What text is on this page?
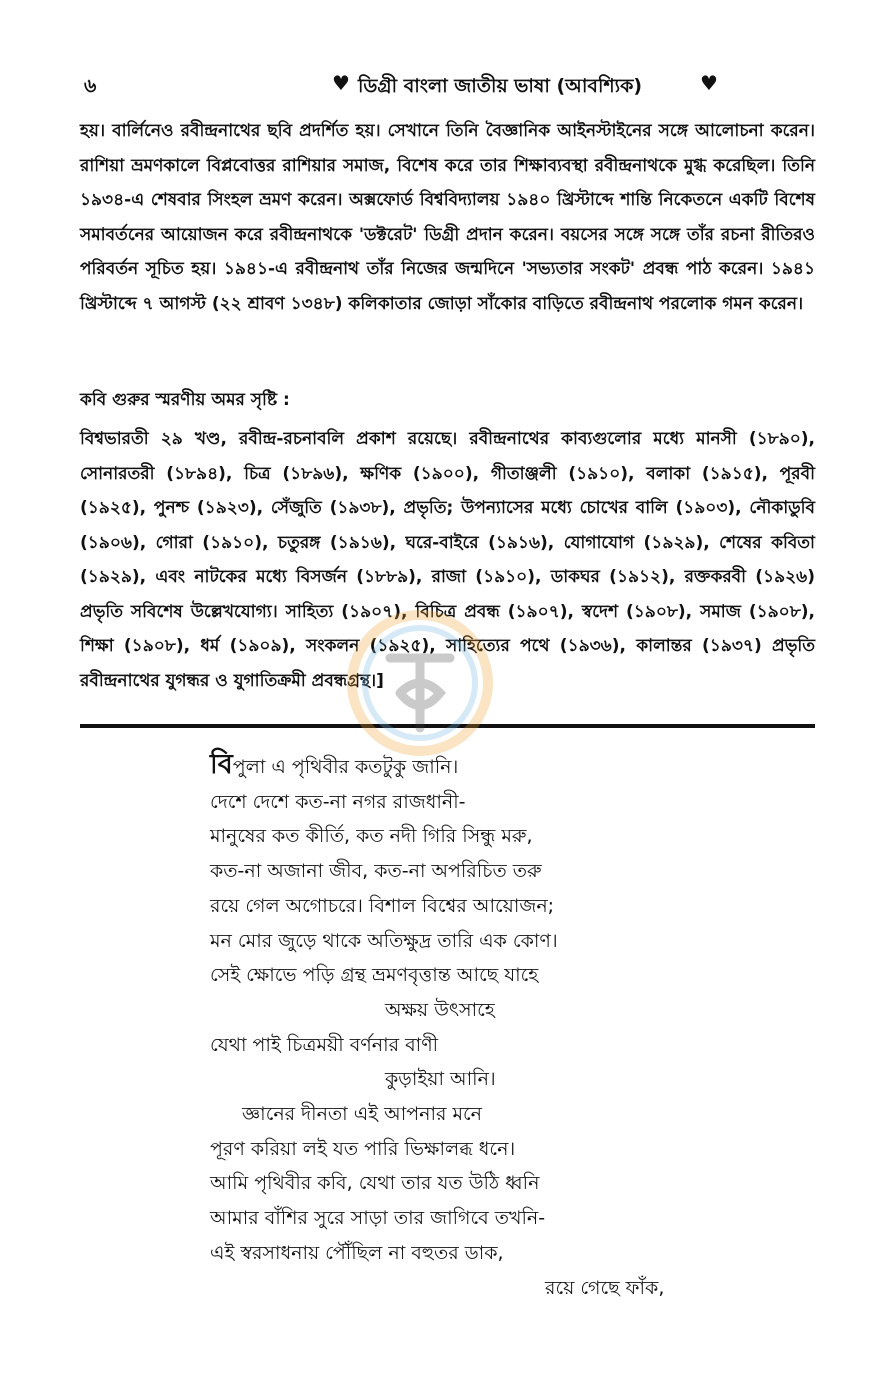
৬	♥ ডিগ্রী বাংলা জাতীয় ভাষা (আবশ্যিক)	♥

হয়। বার্লিনেও রবীন্দ্রনাথের ছবি প্রদর্শিত হয়। সেখানে তিনি বৈজ্ঞানিক আইনস্টাইনের সঙ্গে আলোচনা করেন। রাশিয়া ভ্রমণকালে বিপ্লবোত্তর রাশিয়ার সমাজ, বিশেষ করে তার শিক্ষাব্যবস্থা রবীন্দ্রনাথকে মুগ্ধ করেছিল। তিনি ১৯৩৪-এ শেষবার সিংহল ভ্রমণ করেন। অক্সফোর্ড বিশ্ববিদ্যালয় ১৯৪০ খ্রিস্টাব্দে শান্তি নিকেতনে একটি বিশেষ সমাবর্তনের আয়োজন করে রবীন্দ্রনাথকে 'ডক্টরেট' ডিগ্রী প্রদান করেন। বয়সের সঙ্গে সঙ্গে তাঁর রচনা রীতিরও পরিবর্তন সূচিত হয়। ১৯৪১-এ রবীন্দ্রনাথ তাঁর নিজের জন্মদিনে 'সভ্যতার সংকট' প্রবন্ধ পাঠ করেন। ১৯৪১ খ্রিস্টাব্দে ৭ আগস্ট (২২ শ্রাবণ ১৩৪৮) কলিকাতার জোড়া সাঁকোর বাড়িতে রবীন্দ্রনাথ পরলোক গমন করেন।

কবি গুরুর স্মরণীয় অমর সৃষ্টি :

বিশ্বভারতী ২৯ খণ্ড, রবীন্দ্র-রচনাবলি প্রকাশ রয়েছে। রবীন্দ্রনাথের কাব্যগুলোর মধ্যে মানসী (১৮৯০), সোনারতরী (১৮৯৪), চিত্র (১৮৯৬), ক্ষণিক (১৯০০), গীতাঞ্জলী (১৯১০), বলাকা (১৯১৫), পূরবী (১৯২৫), পুনশ্চ (১৯২৩), সেঁজুতি (১৯৩৮), প্রভৃতি; উপন্যাসের মধ্যে চোখের বালি (১৯০৩), নৌকাডুবি (১৯০৬), গোরা (১৯১০), চতুরঙ্গ (১৯১৬), ঘরে-বাইরে (১৯১৬), যোগাযোগ (১৯২৯), শেষের কবিতা (১৯২৯), এবং নাটকের মধ্যে বিসর্জন (১৮৮৯), রাজা (১৯১০), ডাকঘর (১৯১২), রক্তকরবী (১৯২৬) প্রভৃতি সবিশেষ উল্লেখযোগ্য। সাহিত্য (১৯০৭), বিচিত্র প্রবন্ধ (১৯০৭), স্বদেশ (১৯০৮), সমাজ (১৯০৮), শিক্ষা (১৯০৮), ধর্ম (১৯০৯), সংকলন (১৯২৫), সাহিত্যের পথে (১৯৩৬), কালান্তর (১৯৩৭) প্রভৃতি রবীন্দ্রনাথের যুগন্ধর ও যুগাতিক্রমী প্রবন্ধগ্রন্থ।]

বিপুলা এ পৃথিবীর কতটুকু জানি।
দেশে দেশে কত-না নগর রাজধানী-
মানুষের কত কীর্তি, কত নদী গিরি সিন্ধু মরু,
কত-না অজানা জীব, কত-না অপরিচিত তরু
রয়ে গেল অগোচরে। বিশাল বিশ্বের আয়োজন;
মন মোর জুড়ে থাকে অতিক্ষুদ্র তারি এক কোণ।
সেই ক্ষোভে পড়ি গ্রন্থ ভ্রমণবৃত্তান্ত আছে যাহে
অক্ষয় উৎসাহে
যেথা পাই চিত্রময়ী বর্ণনার বাণী
কুড়াইয়া আনি।
জ্ঞানের দীনতা এই আপনার মনে
পূরণ করিয়া লই যত পারি ভিক্ষালব্ধ ধনে।
আমি পৃথিবীর কবি, যেথা তার যত উঠি ধ্বনি
আমার বাঁশির সুরে সাড়া তার জাগিবে তখনি-
এই স্বরসাধনায় পৌঁছিল না বহুতর ডাক,
রয়ে গেছে ফাঁক,
